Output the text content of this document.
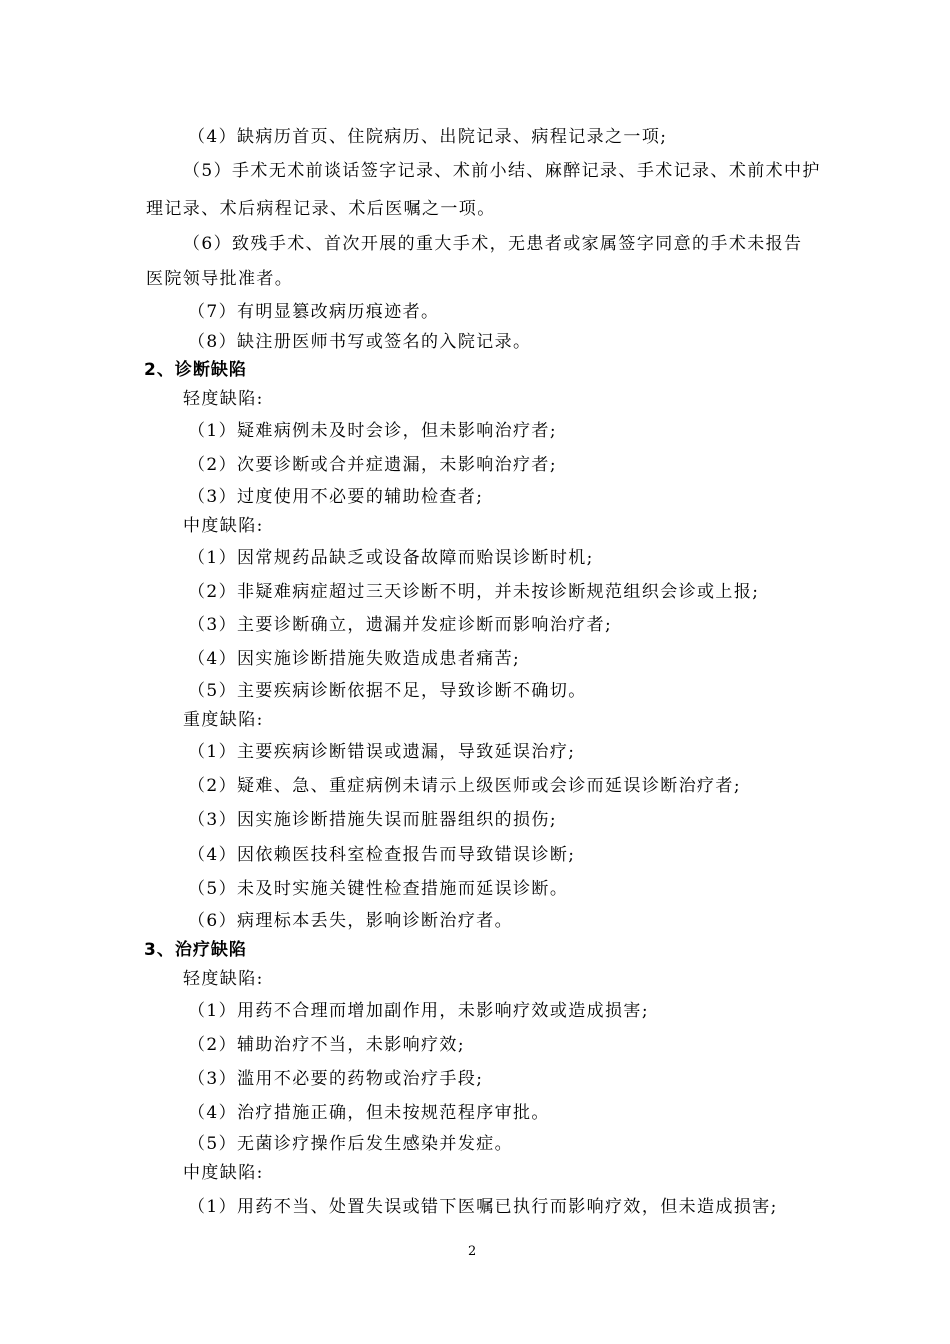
（4）缺病历首页、住院病历、出院记录、病程记录之一项;
（5）手术无术前谈话签字记录、术前小结、麻醉记录、手术记录、术前术中护
理记录、术后病程记录、术后医嘱之一项。
（6）致残手术、首次开展的重大手术，无患者或家属签字同意的手术未报告
医院领导批准者。
（7）有明显篡改病历痕迹者。
（8）缺注册医师书写或签名的入院记录。
2、诊断缺陷
轻度缺陷:
（1）疑难病例未及时会诊，但未影响治疗者;
（2）次要诊断或合并症遗漏，未影响治疗者;
（3）过度使用不必要的辅助检查者;
中度缺陷:
（1）因常规药品缺乏或设备故障而贻误诊断时机;
（2）非疑难病症超过三天诊断不明，并未按诊断规范组织会诊或上报;
（3）主要诊断确立，遗漏并发症诊断而影响治疗者;
（4）因实施诊断措施失败造成患者痛苦;
（5）主要疾病诊断依据不足，导致诊断不确切。
重度缺陷:
（1）主要疾病诊断错误或遗漏，导致延误治疗;
（2）疑难、急、重症病例未请示上级医师或会诊而延误诊断治疗者;
（3）因实施诊断措施失误而脏器组织的损伤;
（4）因依赖医技科室检查报告而导致错误诊断;
（5）未及时实施关键性检查措施而延误诊断。
（6）病理标本丢失，影响诊断治疗者。
3、治疗缺陷
轻度缺陷:
（1）用药不合理而增加副作用，未影响疗效或造成损害;
（2）辅助治疗不当，未影响疗效;
（3）滥用不必要的药物或治疗手段;
（4）治疗措施正确，但未按规范程序审批。
（5）无菌诊疗操作后发生感染并发症。
中度缺陷:
（1）用药不当、处置失误或错下医嘱已执行而影响疗效，但未造成损害;
2
